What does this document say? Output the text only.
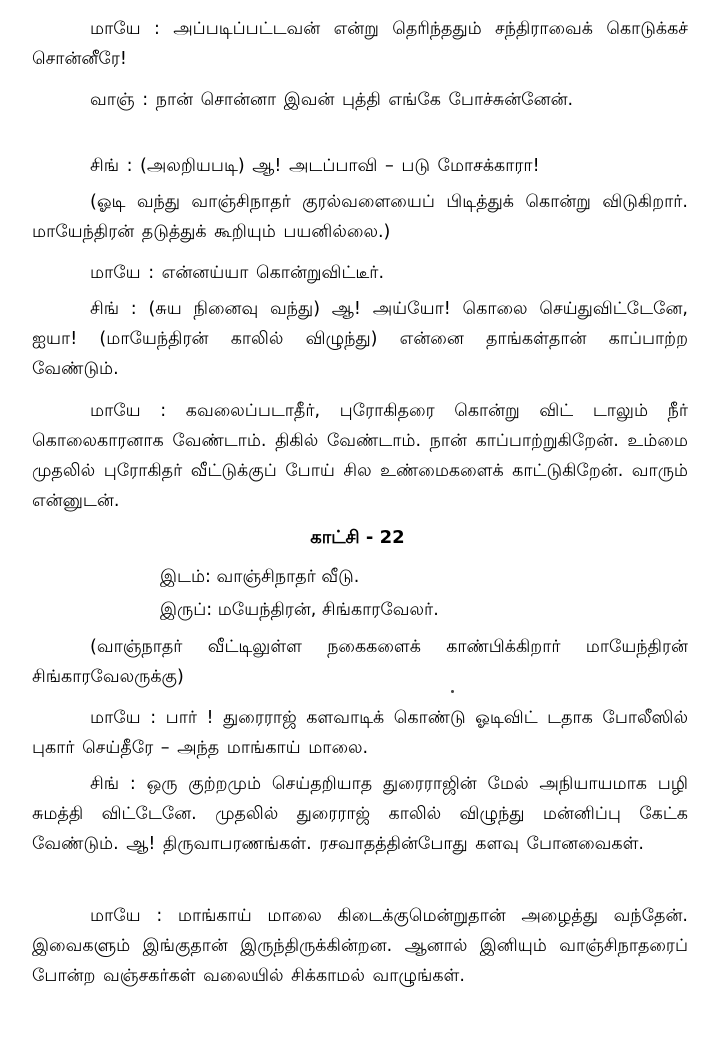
மாயே : அப்படிப்பட்டவன் என்று தெரிந்ததும் சந்திராவைக் கொடுக்கச் சொன்னீரே!

வாஞ் : நான் சொன்னா இவன் புத்தி எங்கே போச்சுன்னேன்.

சிங் : (அலறியபடி) ஆ! அடப்பாவி – படு மோசக்காரா!

(ஓடி வந்து வாஞ்சிநாதர் குரல்வளையைப் பிடித்துக் கொன்று விடுகிறார். மாயேந்திரன் தடுத்துக் கூறியும் பயனில்லை.)

மாயே : என்னய்யா கொன்றுவிட்டீர்.

சிங் : (சுய நினைவு வந்து) ஆ! அய்யோ! கொலை செய்துவிட்டேனே, ஐயா! (மாயேந்திரன் காலில் விழுந்து) என்னை தாங்கள்தான் காப்பாற்ற வேண்டும்.

மாயே : கவலைப்படாதீர், புரோகிதரை கொன்று விட் டாலும் நீர் கொலைகாரனாக வேண்டாம். திகில் வேண்டாம். நான் காப்பாற்றுகிறேன். உம்மை முதலில் புரோகிதர் வீட்டுக்குப் போய் சில உண்மைகளைக் காட்டுகிறேன். வாரும் என்னுடன்.

காட்சி - 22

இடம்: வாஞ்சிநாதர் வீடு.

இருப்: மயேந்திரன், சிங்காரவேலர்.

(வாஞ்நாதர் வீட்டிலுள்ள நகைகளைக் காண்பிக்கிறார் மாயேந்திரன் சிங்காரவேலருக்கு)

மாயே : பார் ! துரைராஜ் களவாடிக் கொண்டு ஓடிவிட் டதாக போலீஸில் புகார் செய்தீரே – அந்த மாங்காய் மாலை.

சிங் : ஒரு குற்றமும் செய்தறியாத துரைராஜின் மேல் அநியாயமாக பழி சுமத்தி விட்டேனே. முதலில் துரைராஜ் காலில் விழுந்து மன்னிப்பு கேட்க வேண்டும். ஆ! திருவாபரணங்கள். ரசவாதத்தின்போது களவு போனவைகள்.

மாயே : மாங்காய் மாலை கிடைக்குமென்றுதான் அழைத்து வந்தேன். இவைகளும் இங்குதான் இருந்திருக்கின்றன. ஆனால் இனியும் வாஞ்சிநாதரைப் போன்ற வஞ்சகர்கள் வலையில் சிக்காமல் வாழுங்கள்.
